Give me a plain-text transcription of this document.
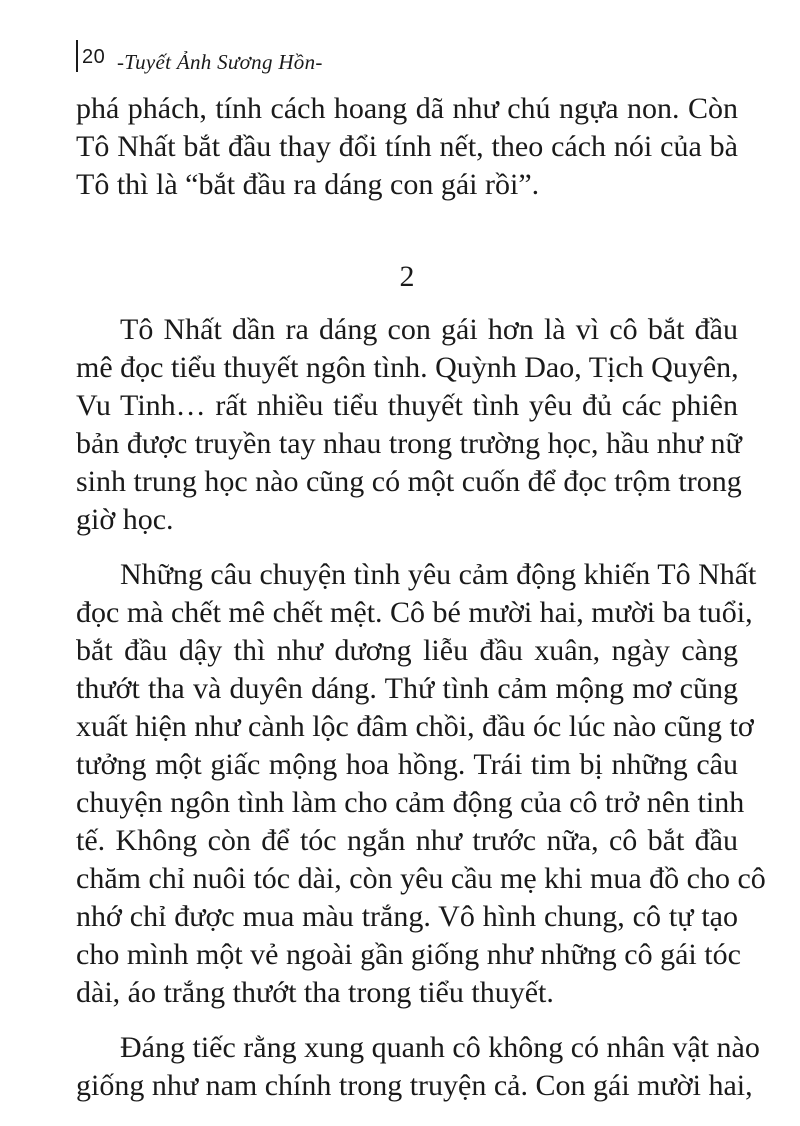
20 -Tuyết Ảnh Sương Hồn-
phá phách, tính cách hoang dã như chú ngựa non. Còn
Tô Nhất bắt đầu thay đổi tính nết, theo cách nói của bà
Tô thì là “bắt đầu ra dáng con gái rồi”.
2
Tô Nhất dần ra dáng con gái hơn là vì cô bắt đầu
mê đọc tiểu thuyết ngôn tình. Quỳnh Dao, Tịch Quyên,
Vu Tinh… rất nhiều tiểu thuyết tình yêu đủ các phiên
bản được truyền tay nhau trong trường học, hầu như nữ
sinh trung học nào cũng có một cuốn để đọc trộm trong
giờ học.
Những câu chuyện tình yêu cảm động khiến Tô Nhất
đọc mà chết mê chết mệt. Cô bé mười hai, mười ba tuổi,
bắt đầu dậy thì như dương liễu đầu xuân, ngày càng
thướt tha và duyên dáng. Thứ tình cảm mộng mơ cũng
xuất hiện như cành lộc đâm chồi, đầu óc lúc nào cũng tơ
tưởng một giấc mộng hoa hồng. Trái tim bị những câu
chuyện ngôn tình làm cho cảm động của cô trở nên tinh
tế. Không còn để tóc ngắn như trước nữa, cô bắt đầu
chăm chỉ nuôi tóc dài, còn yêu cầu mẹ khi mua đồ cho cô
nhớ chỉ được mua màu trắng. Vô hình chung, cô tự tạo
cho mình một vẻ ngoài gần giống như những cô gái tóc
dài, áo trắng thướt tha trong tiểu thuyết.
Đáng tiếc rằng xung quanh cô không có nhân vật nào
giống như nam chính trong truyện cả. Con gái mười hai,
